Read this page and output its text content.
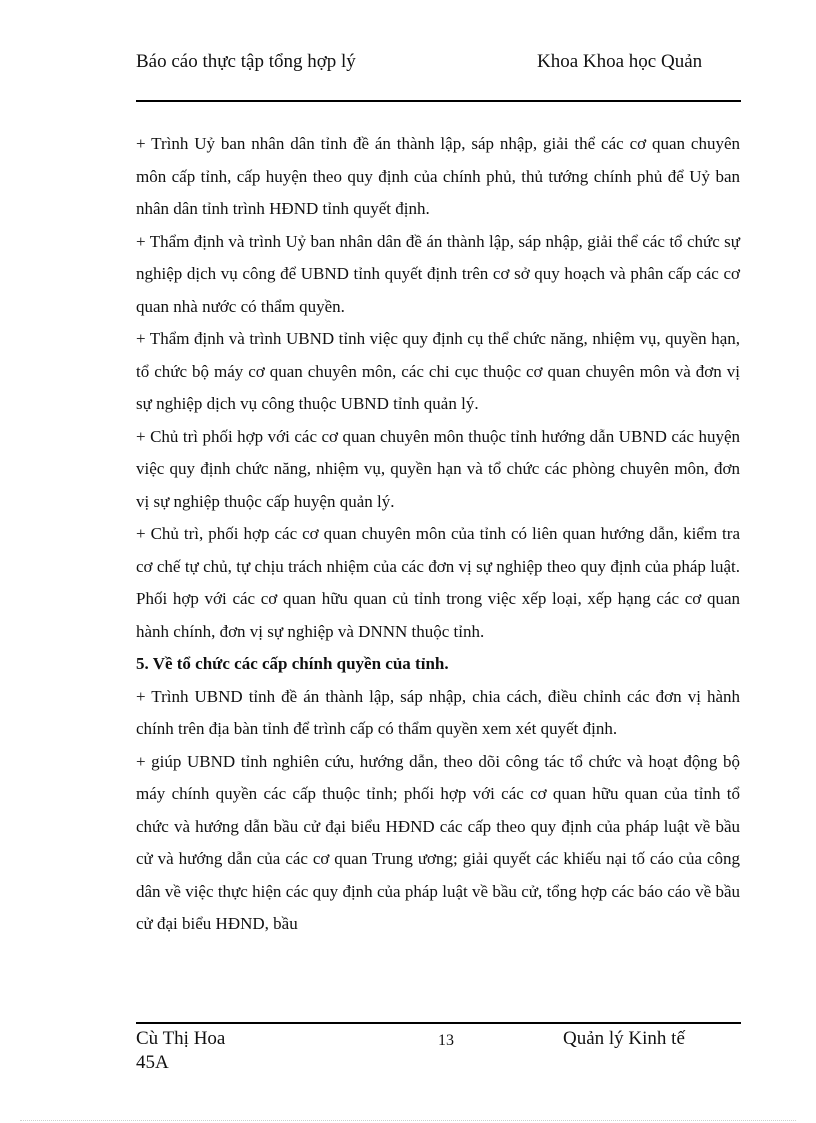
Báo cáo thực tập tổng hợp lý	Khoa Khoa học Quản

+ Trình Uỷ ban nhân dân tỉnh đề án thành lập, sáp nhập, giải thể các cơ quan chuyên môn cấp tỉnh, cấp huyện theo quy định của chính phủ, thủ tướng chính phủ để Uỷ ban nhân dân tỉnh trình HĐND tỉnh quyết định.

+ Thẩm định và trình Uỷ ban nhân dân đề án thành lập, sáp nhập, giải thể các tổ chức sự nghiệp dịch vụ công để UBND tỉnh quyết định trên cơ sở quy hoạch và phân cấp các cơ quan nhà nước có thẩm quyền.

+ Thẩm định và trình UBND tỉnh việc quy định cụ thể chức năng, nhiệm vụ, quyền hạn, tổ chức bộ máy cơ quan chuyên môn, các chi cục thuộc cơ quan chuyên môn và đơn vị sự nghiệp dịch vụ công thuộc UBND tỉnh quản lý.

+ Chủ trì phối hợp với các cơ quan chuyên môn thuộc tỉnh hướng dẫn UBND các huyện việc quy định chức năng, nhiệm vụ, quyền hạn và tổ chức các phòng chuyên môn, đơn vị sự nghiệp thuộc cấp huyện quản lý.

+ Chủ trì, phối hợp các cơ quan chuyên môn của tỉnh có liên quan hướng dẫn, kiểm tra cơ chế tự chủ, tự chịu trách nhiệm của các đơn vị sự nghiệp theo quy định của pháp luật. Phối hợp với các cơ quan hữu quan củ tỉnh trong việc xếp loại, xếp hạng các cơ quan hành chính, đơn vị sự nghiệp và DNNN thuộc tỉnh.

5. Về tổ chức các cấp chính quyền của tỉnh.

+ Trình UBND tỉnh đề án thành lập, sáp nhập, chia cách, điều chỉnh các đơn vị hành chính trên địa bàn tỉnh để trình cấp có thẩm quyền xem xét quyết định.

+ giúp UBND tỉnh nghiên cứu, hướng dẫn, theo dõi công tác tổ chức và hoạt động bộ máy chính quyền các cấp thuộc tỉnh; phối hợp với các cơ quan hữu quan của tỉnh tổ chức và hướng dẫn bầu cử đại biểu HĐND các cấp theo quy định của pháp luật về bầu cử và hướng dẫn của các cơ quan Trung ương; giải quyết các khiếu nại tố cáo của công dân về việc thực hiện các quy định của pháp luật về bầu cử, tổng hợp các báo cáo về bầu cử đại biểu HĐND, bầu

Cù Thị Hoa 45A
13	Quản lý Kinh tế
